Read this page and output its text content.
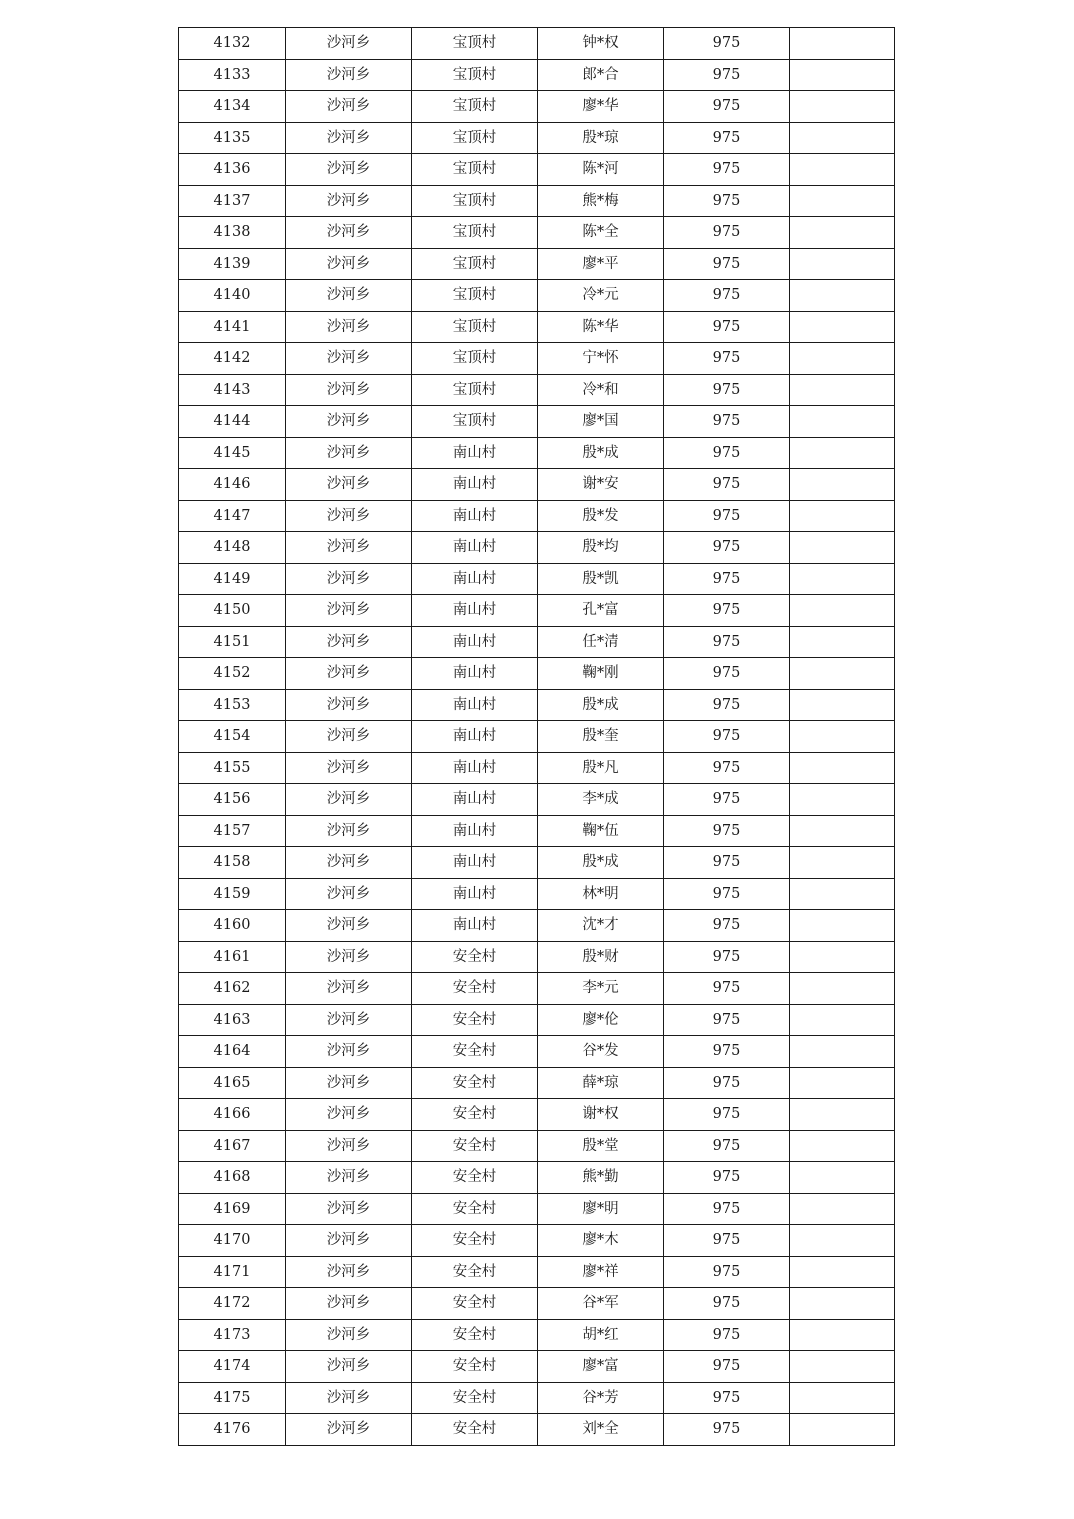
4132	沙河乡	宝顶村	钟*权	975	
4133	沙河乡	宝顶村	郎*合	975	
4134	沙河乡	宝顶村	廖*华	975	
4135	沙河乡	宝顶村	殷*琼	975	
4136	沙河乡	宝顶村	陈*河	975	
4137	沙河乡	宝顶村	熊*梅	975	
4138	沙河乡	宝顶村	陈*全	975	
4139	沙河乡	宝顶村	廖*平	975	
4140	沙河乡	宝顶村	冷*元	975	
4141	沙河乡	宝顶村	陈*华	975	
4142	沙河乡	宝顶村	宁*怀	975	
4143	沙河乡	宝顶村	冷*和	975	
4144	沙河乡	宝顶村	廖*国	975	
4145	沙河乡	南山村	殷*成	975	
4146	沙河乡	南山村	谢*安	975	
4147	沙河乡	南山村	殷*发	975	
4148	沙河乡	南山村	殷*均	975	
4149	沙河乡	南山村	殷*凯	975	
4150	沙河乡	南山村	孔*富	975	
4151	沙河乡	南山村	任*清	975	
4152	沙河乡	南山村	鞠*刚	975	
4153	沙河乡	南山村	殷*成	975	
4154	沙河乡	南山村	殷*奎	975	
4155	沙河乡	南山村	殷*凡	975	
4156	沙河乡	南山村	李*成	975	
4157	沙河乡	南山村	鞠*伍	975	
4158	沙河乡	南山村	殷*成	975	
4159	沙河乡	南山村	林*明	975	
4160	沙河乡	南山村	沈*才	975	
4161	沙河乡	安全村	殷*财	975	
4162	沙河乡	安全村	李*元	975	
4163	沙河乡	安全村	廖*伦	975	
4164	沙河乡	安全村	谷*发	975	
4165	沙河乡	安全村	薛*琼	975	
4166	沙河乡	安全村	谢*权	975	
4167	沙河乡	安全村	殷*堂	975	
4168	沙河乡	安全村	熊*勤	975	
4169	沙河乡	安全村	廖*明	975	
4170	沙河乡	安全村	廖*木	975	
4171	沙河乡	安全村	廖*祥	975	
4172	沙河乡	安全村	谷*军	975	
4173	沙河乡	安全村	胡*红	975	
4174	沙河乡	安全村	廖*富	975	
4175	沙河乡	安全村	谷*芳	975	
4176	沙河乡	安全村	刘*全	975	
